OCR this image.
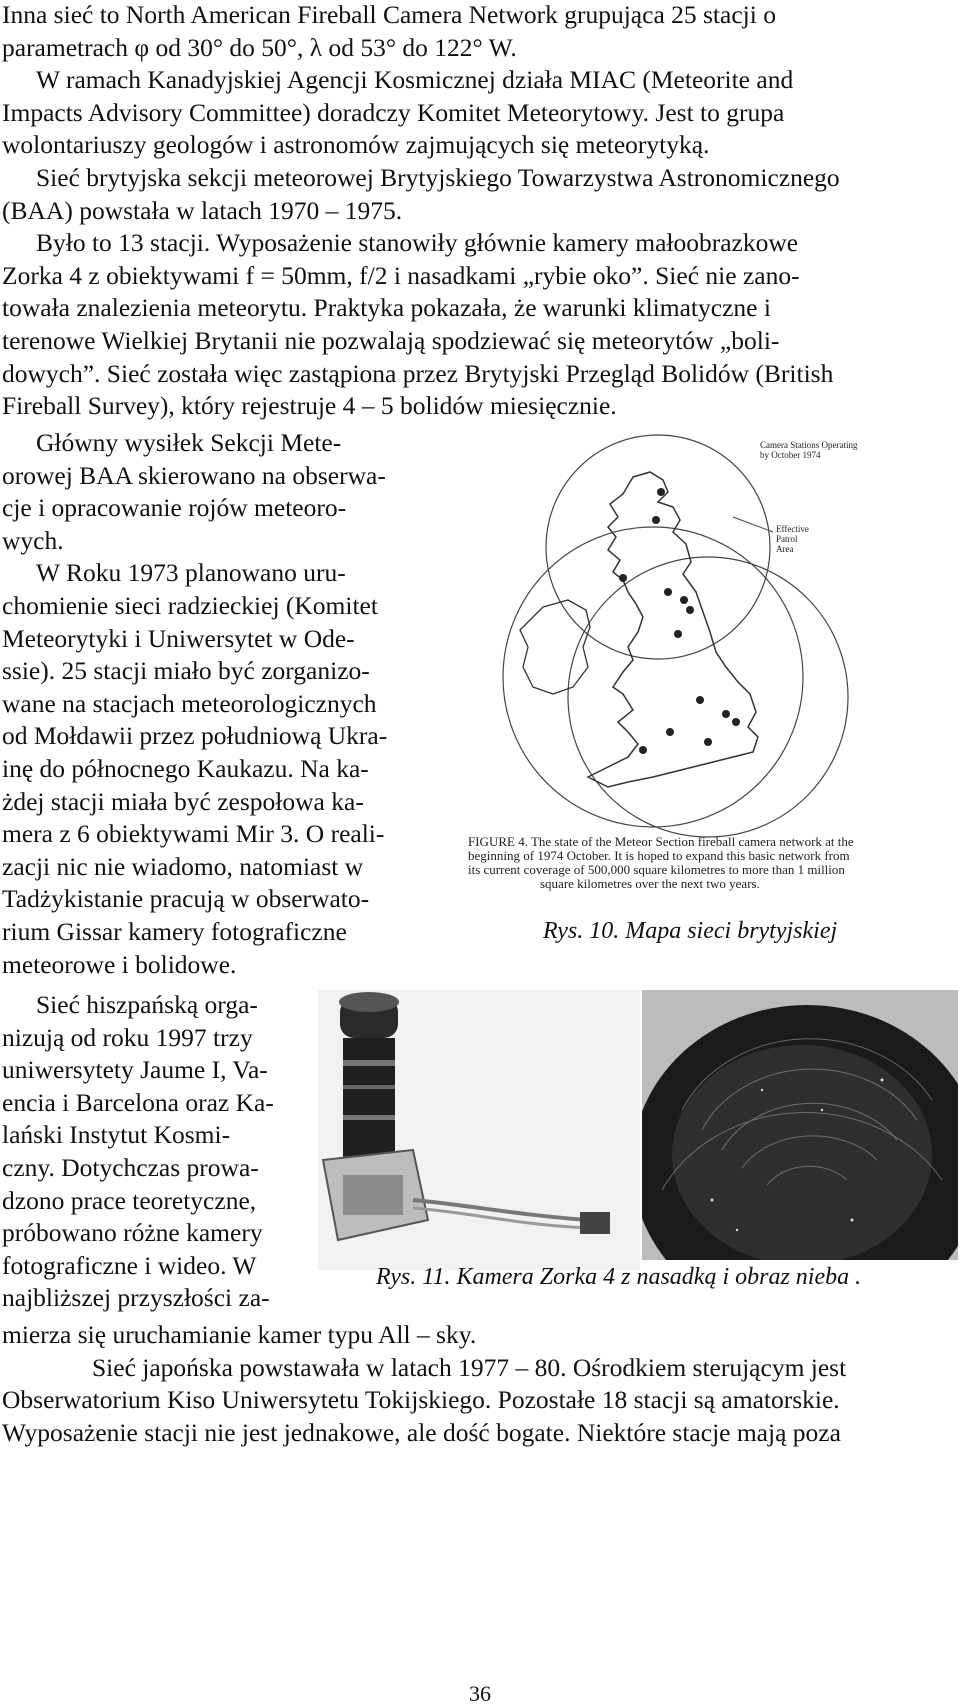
Inna sieć to North American Fireball Camera Network grupująca 25 stacji o
parametrach φ od 30° do 50°, λ od 53° do 122° W.
W ramach Kanadyjskiej Agencji Kosmicznej działa MIAC (Meteorite and
Impacts Advisory Committee) doradczy Komitet Meteorytowy. Jest to grupa
wolontariuszy geologów i astronomów zajmujących się meteorytyką.
Sieć brytyjska sekcji meteorowej Brytyjskiego Towarzystwa Astronomicznego
(BAA) powstała w latach 1970 – 1975.
Było to 13 stacji. Wyposażenie stanowiły głównie kamery małoobrazkowe
Zorka 4 z obiektywami f = 50mm, f/2 i nasadkami „rybie oko”. Sieć nie zano-
towała znalezienia meteorytu. Praktyka pokazała, że warunki klimatyczne i
terenowe Wielkiej Brytanii nie pozwalają spodziewać się meteorytów „boli-
dowych”. Sieć została więc zastąpiona przez Brytyjski Przegląd Bolidów (British
Fireball Survey), który rejestruje 4 – 5 bolidów miesięcznie.
Główny wysiłek Sekcji Mete-
orowej BAA skierowano na obserwa-
cje i opracowanie rojów meteoro-
wych.
W Roku 1973 planowano uru-
chomienie sieci radzieckiej (Komitet
Meteorytyki i Uniwersytet w Ode-
ssie). 25 stacji miało być zorganizo-
wane na stacjach meteorologicznych
od Mołdawii przez południową Ukra-
inę do północnego Kaukazu. Na ka-
żdej stacji miała być zespołowa ka-
mera z 6 obiektywami Mir 3. O reali-
zacji nic nie wiadomo, natomiast w
Tadżykistanie pracują w obserwato-
rium Gissar kamery fotograficzne
meteorowe i bolidowe.
Sieć hiszpańską orga-
nizują od roku 1997 trzy
uniwersytety Jaume I, Va-
encia i Barcelona oraz Ka-
lański Instytut Kosmi-
czny. Dotychczas prowa-
dzono prace teoretyczne,
próbowano różne kamery
fotograficzne i wideo. W
najbliższej przyszłości za-
mierza się uruchamianie kamer typu All – sky.
Sieć japońska powstawała w latach 1977 – 80. Ośrodkiem sterującym jest
Obserwatorium Kiso Uniwersytetu Tokijskiego. Pozostałe 18 stacji są amatorskie.
Wyposażenie stacji nie jest jednakowe, ale dość bogate. Niektóre stacje mają poza
Camera Stations Operating
by October 1974
Effective
Patrol
Area
FIGURE 4. The state of the Meteor Section fireball camera network at the
beginning of 1974 October. It is hoped to expand this basic network from
its current coverage of 500,000 square kilometres to more than 1 million
square kilometres over the next two years.
Rys. 10. Mapa sieci brytyjskiej
Rys. 11. Kamera Zorka 4 z nasadką i obraz nieba .
36
